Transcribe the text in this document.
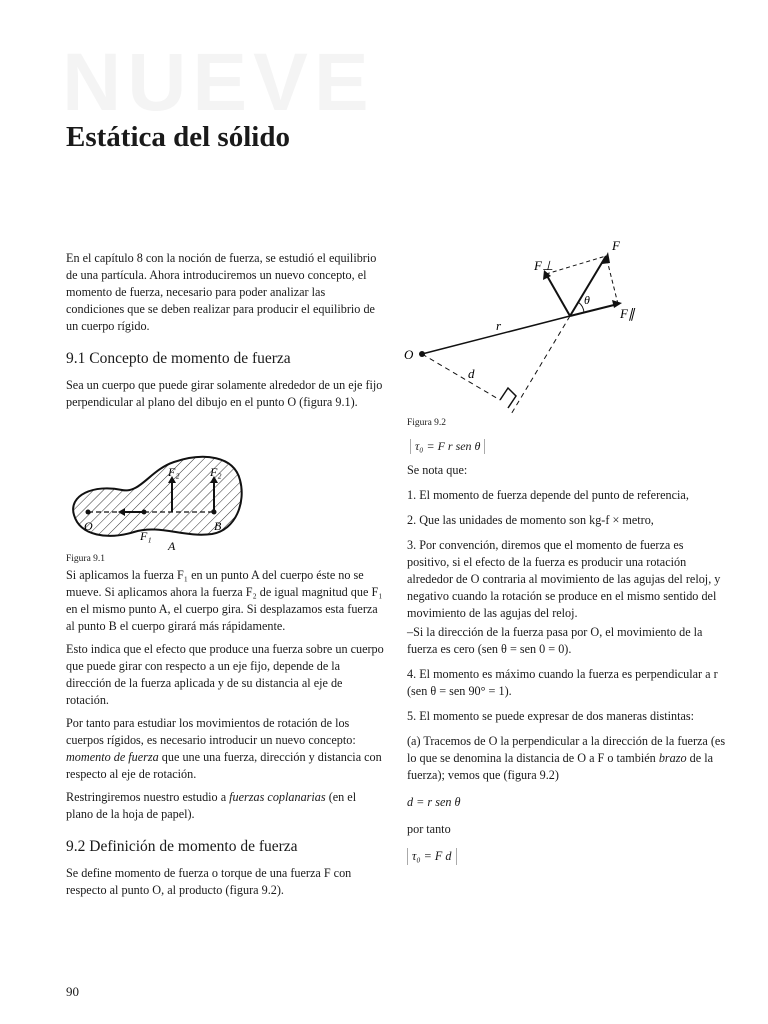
NUEVE
Estática del sólido

En el capítulo 8 con la noción de fuerza, se estudió el equilibrio de una partícula. Ahora introduciremos un nuevo concepto, el momento de fuerza, necesario para poder analizar las condiciones que se deben realizar para producir el equilibrio de un cuerpo rígido.

9.1 Concepto de momento de fuerza

Sea un cuerpo que puede girar solamente alrededor de un eje fijo perpendicular al plano del dibujo en el punto O (figura 9.1).

Si aplicamos la fuerza F₁ en un punto A del cuerpo éste no se mueve. Si aplicamos ahora la fuerza F₂ de igual magnitud que F₁ en el mismo punto A, el cuerpo gira. Si desplazamos esta fuerza al punto B el cuerpo girará más rápidamente.

Esto indica que el efecto que produce una fuerza sobre un cuerpo que puede girar con respecto a un eje fijo, depende de la dirección de la fuerza aplicada y de su distancia al eje de rotación.

Por tanto para estudiar los movimientos de rotación de los cuerpos rígidos, es necesario introducir un nuevo concepto: momento de fuerza que une una fuerza, dirección y distancia con respecto al eje de rotación.

Restringiremos nuestro estudio a fuerzas coplanarias (en el plano de la hoja de papel).

9.2 Definición de momento de fuerza

Se define momento de fuerza o torque de una fuerza F con respecto al punto O, al producto (figura 9.2).

O
F₁
A
B
F₂	F₂
Figura 9.1
O
r
d
F
F⊥
F∥
θ
Figura 9.2
τ₀ = F r sen θ

Se nota que:

1. El momento de fuerza depende del punto de referencia,

2. Que las unidades de momento son kg-f × metro,

3. Por convención, diremos que el momento de fuerza es positivo, si el efecto de la fuerza es producir una rotación alrededor de O contraria al movimiento de las agujas del reloj, y negativo cuando la rotación se produce en el mismo sentido del movimiento de las agujas del reloj.

–Si la dirección de la fuerza pasa por O, el movimiento de la fuerza es cero (sen θ = sen 0 = 0).

4. El momento es máximo cuando la fuerza es perpendicular a r (sen θ = sen 90° = 1).

5. El momento se puede expresar de dos maneras distintas:

(a) Tracemos de O la perpendicular a la dirección de la fuerza (es lo que se denomina la distancia de O a F o también brazo de la fuerza); vemos que (figura 9.2)

d = r sen θ

por tanto

τ₀ = F d

90
